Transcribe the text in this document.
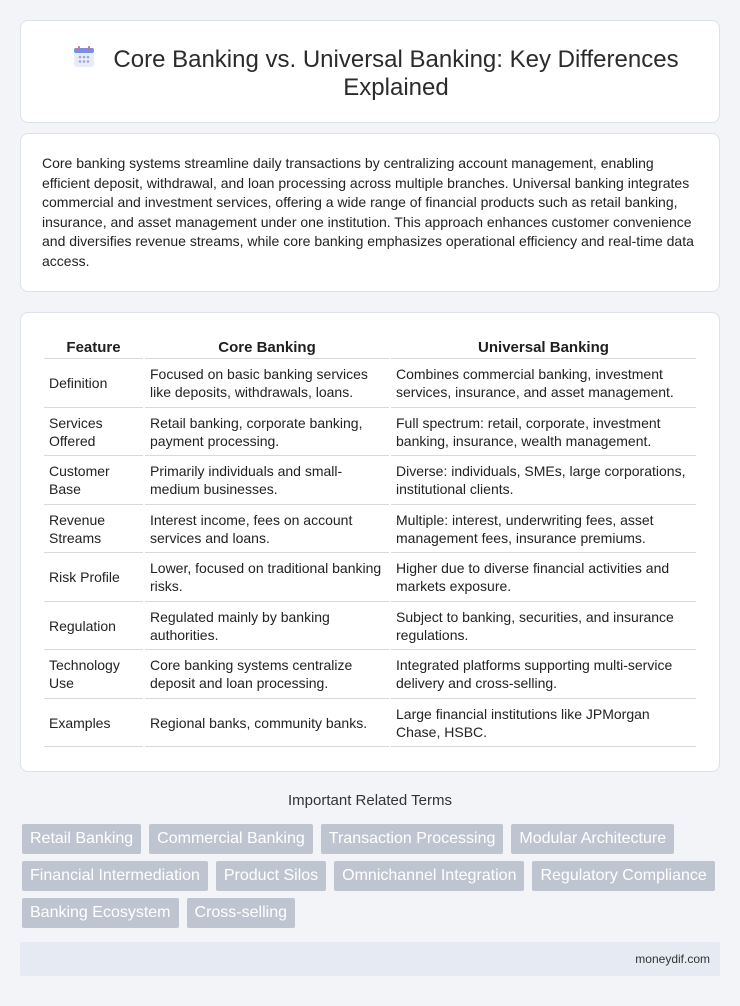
Core Banking vs. Universal Banking: Key Differences Explained

Core banking systems streamline daily transactions by centralizing account management, enabling efficient deposit, withdrawal, and loan processing across multiple branches. Universal banking integrates commercial and investment services, offering a wide range of financial products such as retail banking, insurance, and asset management under one institution. This approach enhances customer convenience and diversifies revenue streams, while core banking emphasizes operational efficiency and real-time data access.

Feature	Core Banking	Universal Banking
Definition	Focused on basic banking services like deposits, withdrawals, loans.	Combines commercial banking, investment services, insurance, and asset management.
Services Offered	Retail banking, corporate banking, payment processing.	Full spectrum: retail, corporate, investment banking, insurance, wealth management.
Customer Base	Primarily individuals and small-medium businesses.	Diverse: individuals, SMEs, large corporations, institutional clients.
Revenue Streams	Interest income, fees on account services and loans.	Multiple: interest, underwriting fees, asset management fees, insurance premiums.
Risk Profile	Lower, focused on traditional banking risks.	Higher due to diverse financial activities and markets exposure.
Regulation	Regulated mainly by banking authorities.	Subject to banking, securities, and insurance regulations.
Technology Use	Core banking systems centralize deposit and loan processing.	Integrated platforms supporting multi-service delivery and cross-selling.
Examples	Regional banks, community banks.	Large financial institutions like JPMorgan Chase, HSBC.
Important Related Terms
Retail Banking	Commercial Banking	Transaction Processing	Modular Architecture
Financial Intermediation	Product Silos	Omnichannel Integration	Regulatory Compliance
Banking Ecosystem	Cross-selling
moneydif.com
